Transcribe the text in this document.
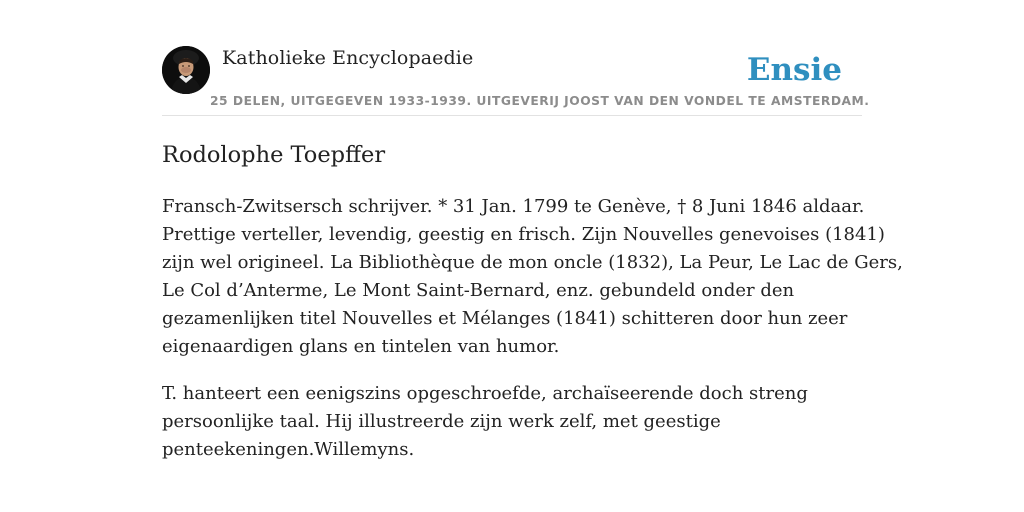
Katholieke Encyclopaedie	Ensie
25 DELEN, UITGEGEVEN 1933-1939. UITGEVERIJ JOOST VAN DEN VONDEL TE AMSTERDAM.
Rodolophe Toepffer

Fransch-Zwitsersch schrijver. * 31 Jan. 1799 te Genève, † 8 Juni 1846 aldaar.
Prettige verteller, levendig, geestig en frisch. Zijn Nouvelles genevoises (1841)
zijn wel origineel. La Bibliothèque de mon oncle (1832), La Peur, Le Lac de Gers,
Le Col d’Anterme, Le Mont Saint-Bernard, enz. gebundeld onder den
gezamenlijken titel Nouvelles et Mélanges (1841) schitteren door hun zeer
eigenaardigen glans en tintelen van humor.

T. hanteert een eenigszins opgeschroefde, archaïseerende doch streng
persoonlijke taal. Hij illustreerde zijn werk zelf, met geestige
penteekeningen.Willemyns.
